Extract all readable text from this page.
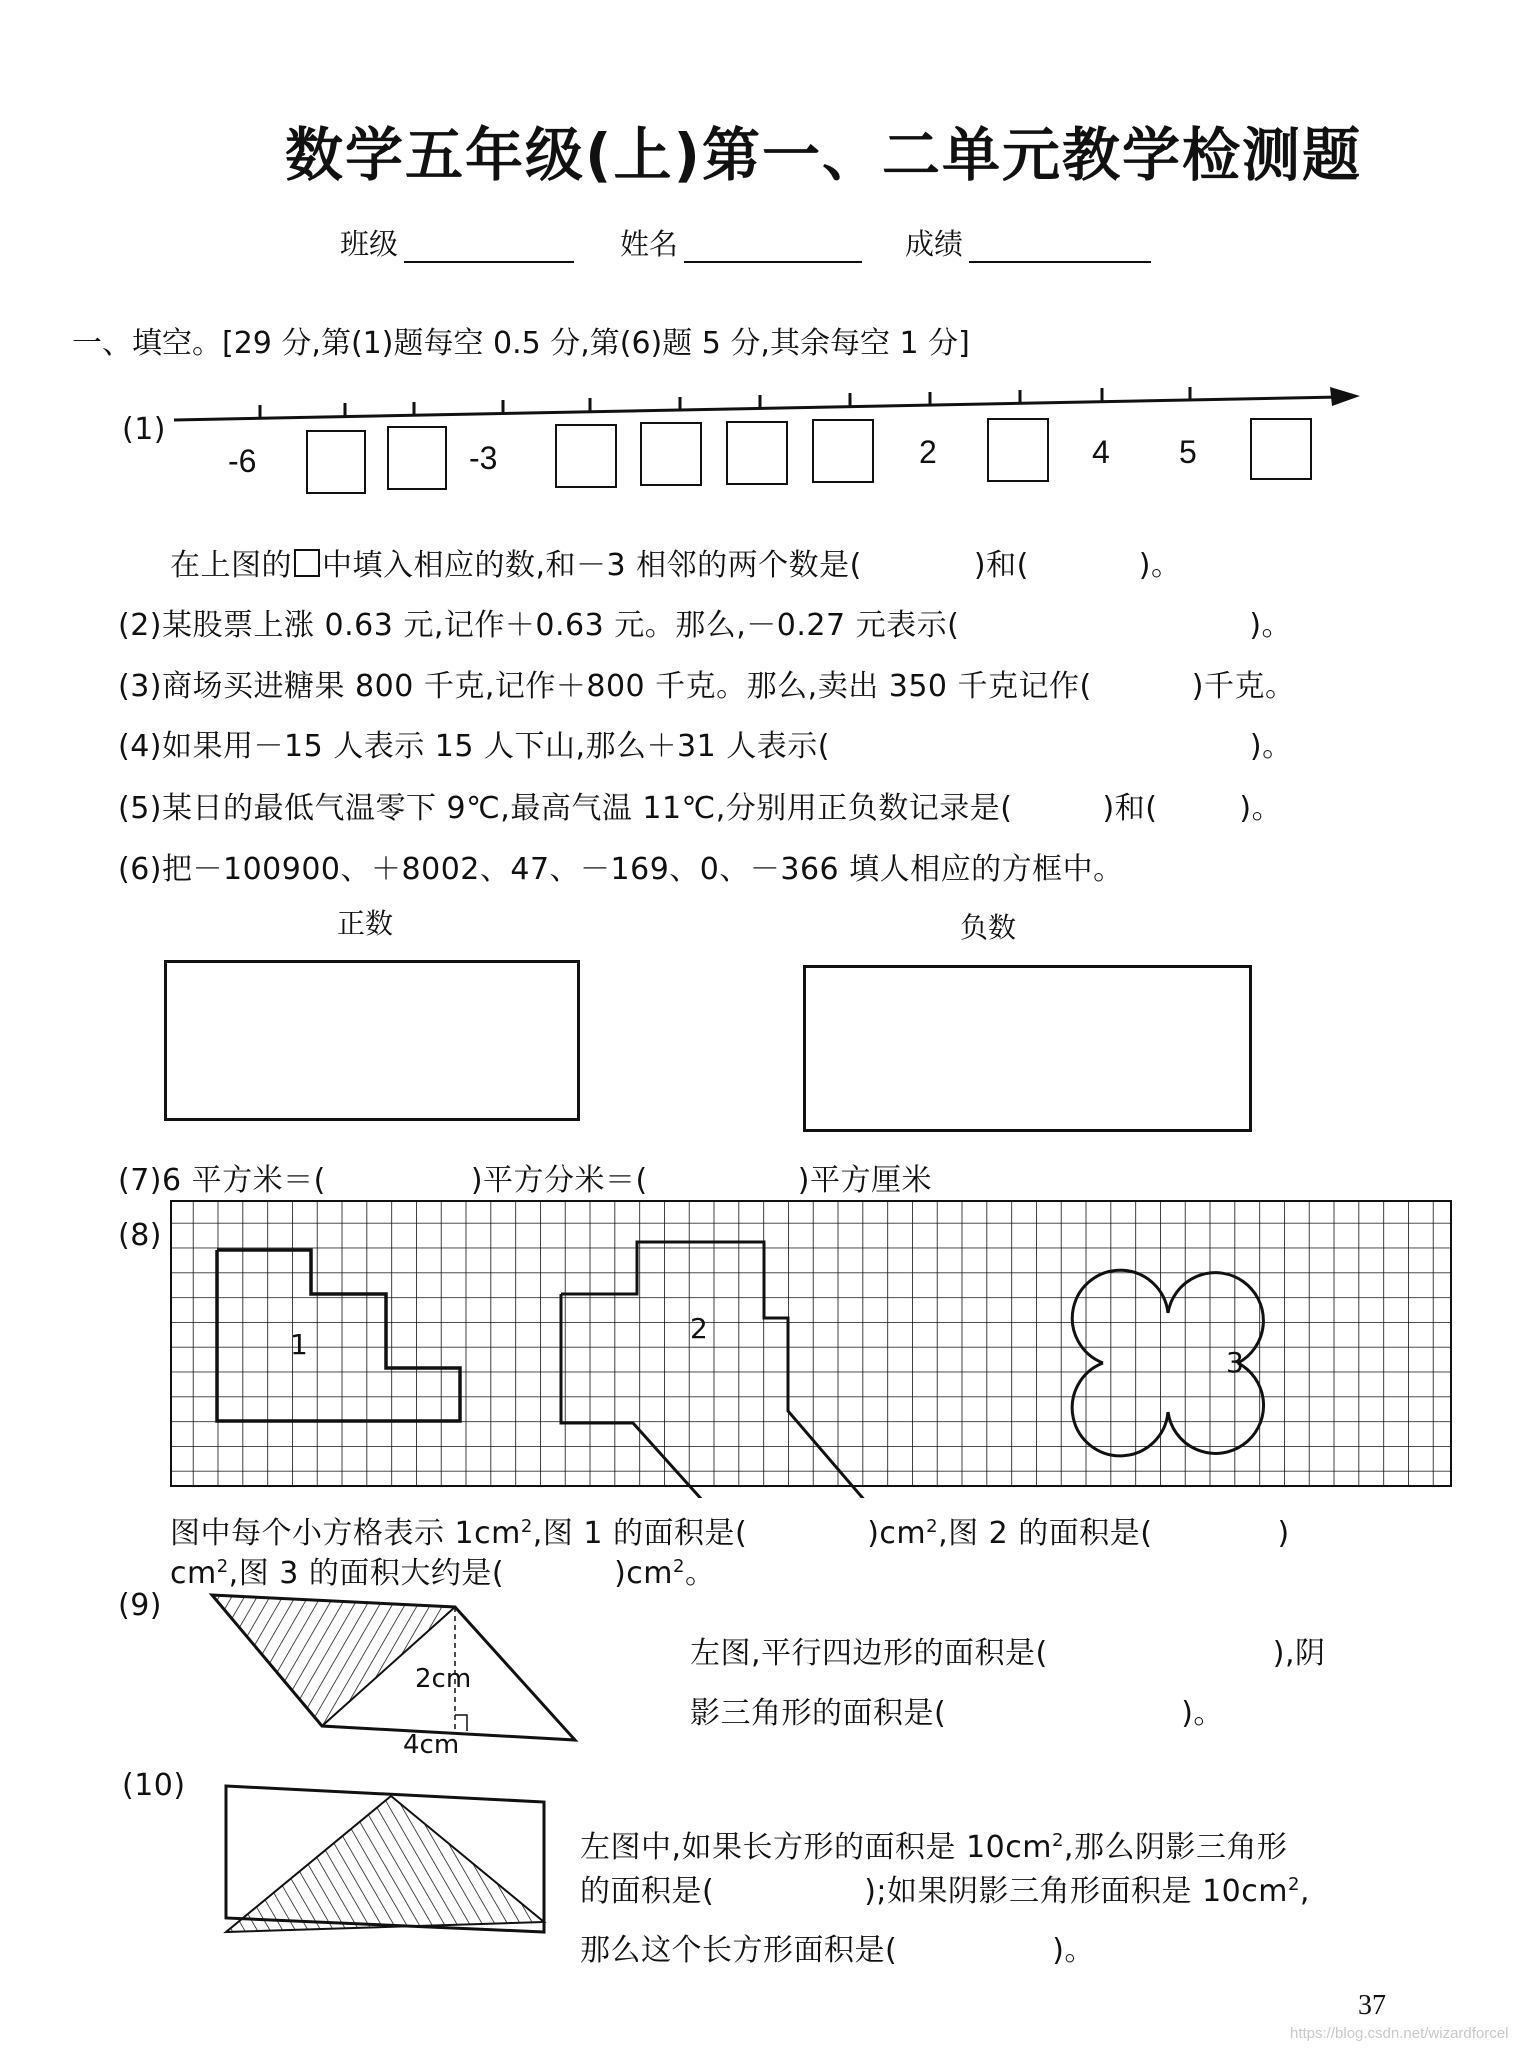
数学五年级(上)第一、二单元教学检测题
班级	姓名	成绩
一、填空。[29 分,第(1)题每空 0.5 分,第(6)题 5 分,其余每空 1 分]
(1)
-6	-3	2	4 5
在上图的 中填入相应的数,和－3 相邻的两个数是(	)和(	)。
(2)某股票上涨 0.63 元,记作＋0.63 元。那么,－0.27 元表示(	)。
(3)商场买进糖果 800 千克,记作＋800 千克。那么,卖出 350 千克记作(	)千克。
(4)如果用－15 人表示 15 人下山,那么＋31 人表示(	)。
(5)某日的最低气温零下 9℃,最高气温 11℃,分别用正负数记录是(	)和(	)。
(6)把－100900、＋8002、47、－169、0、－366 填人相应的方框中。
正数	负数
(7)6 平方米＝(	)平方分米＝(	)平方厘米
(8)
1	2
3
图中每个小方格表示 $1cm^2$,图 1 的面积是(	)$cm^2$,图 2 的面积是(	)
$cm^2$,图 3 的面积大约是(	)$cm^2$。
(9)
2cm
4cm
左图,平行四边形的面积是(	),阴
影三角形的面积是(	)。
(10)
左图中,如果长方形的面积是 $10cm^2$,那么阴影三角形
的面积是(	);如果阴影三角形面积是 $10cm^2$,
那么这个长方形面积是(	)。
37
https://blog.csdn.net/wizardforcel
